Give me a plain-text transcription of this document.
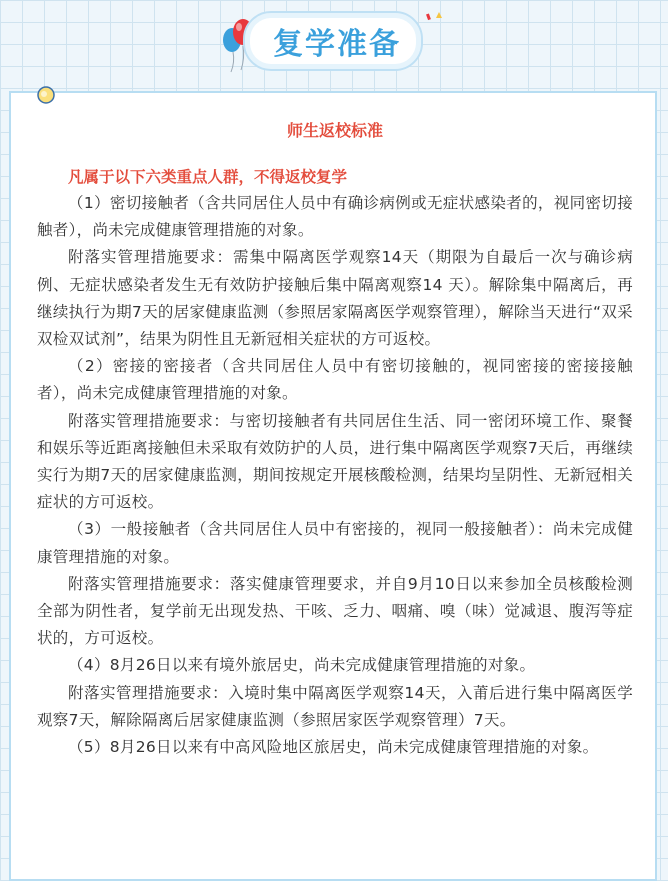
复学准备
师生返校标准

凡属于以下六类重点人群，不得返校复学

（1）密切接触者（含共同居住人员中有确诊病例或无症状感染者的，视同密切接触者），尚未完成健康管理措施的对象。

附落实管理措施要求：需集中隔离医学观察14天（期限为自最后一次与确诊病例、无症状感染者发生无有效防护接触后集中隔离观察14 天）。解除集中隔离后，再继续执行为期7天的居家健康监测（参照居家隔离医学观察管理），解除当天进行“双采双检双试剂”，结果为阴性且无新冠相关症状的方可返校。

（2）密接的密接者（含共同居住人员中有密切接触的，视同密接的密接接触者），尚未完成健康管理措施的对象。

附落实管理措施要求：与密切接触者有共同居住生活、同一密闭环境工作、聚餐和娱乐等近距离接触但未采取有效防护的人员，进行集中隔离医学观察7天后，再继续实行为期7天的居家健康监测，期间按规定开展核酸检测，结果均呈阴性、无新冠相关症状的方可返校。

（3）一般接触者（含共同居住人员中有密接的，视同一般接触者）：尚未完成健康管理措施的对象。

附落实管理措施要求：落实健康管理要求，并自9月10日以来参加全员核酸检测全部为阴性者，复学前无出现发热、干咳、乏力、咽痛、嗅（味）觉减退、腹泻等症状的，方可返校。

（4）8月26日以来有境外旅居史，尚未完成健康管理措施的对象。

附落实管理措施要求：入境时集中隔离医学观察14天，入莆后进行集中隔离医学观察7天，解除隔离后居家健康监测（参照居家医学观察管理）7天。

（5）8月26日以来有中高风险地区旅居史，尚未完成健康管理措施的对象。
